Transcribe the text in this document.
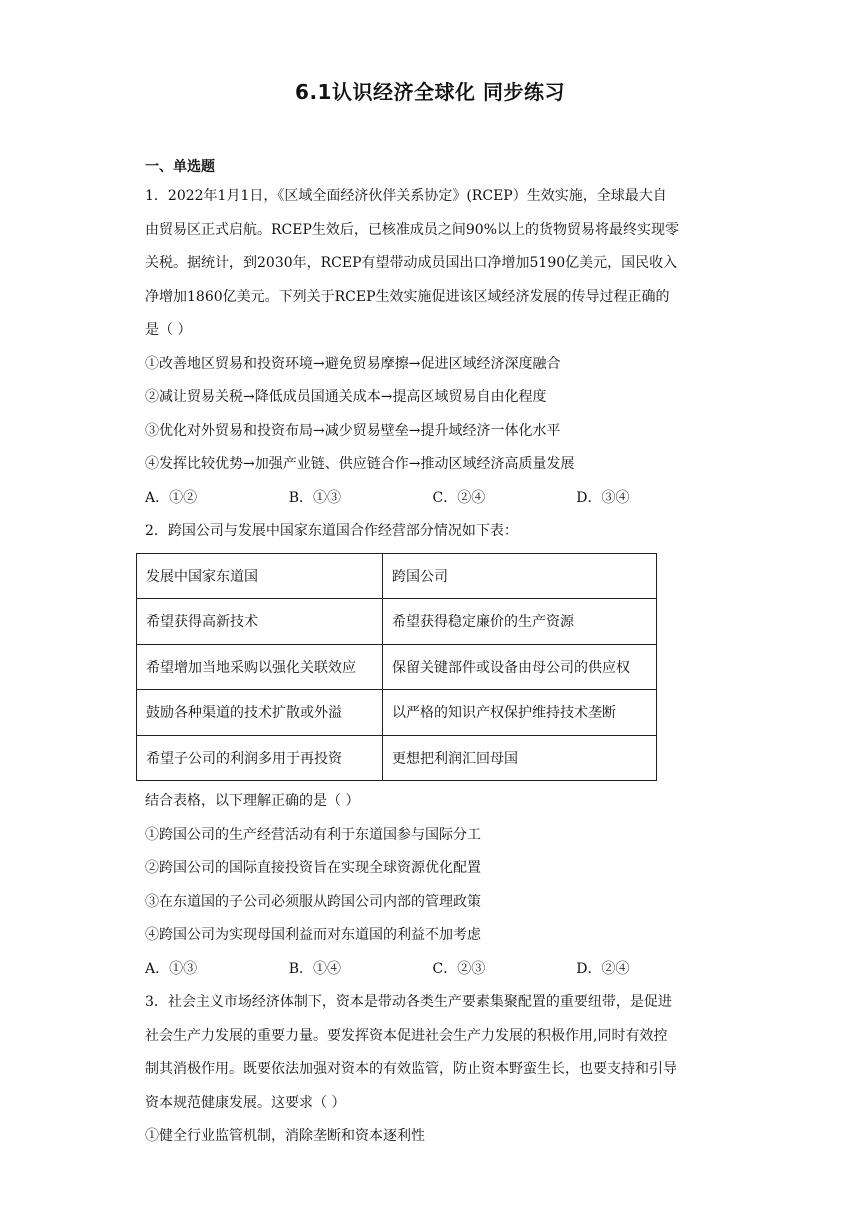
6.1认识经济全球化 同步练习
一、单选题
1．2022年1月1日，《区域全面经济伙伴关系协定》(RCEP）生效实施，全球最大自
由贸易区正式启航。RCEP生效后，已核准成员之间90%以上的货物贸易将最终实现零
关税。据统计，到2030年，RCEP有望带动成员国出口净增加5190亿美元，国民收入
净增加1860亿美元。下列关于RCEP生效实施促进该区域经济发展的传导过程正确的
是（ ）
①改善地区贸易和投资环境→避免贸易摩擦→促进区域经济深度融合
②减让贸易关税→降低成员国通关成本→提高区域贸易自由化程度
③优化对外贸易和投资布局→减少贸易壁垒→提升域经济一体化水平
④发挥比较优势→加强产业链、供应链合作→推动区域经济高质量发展
A．①②	B．①③	C．②④	D．③④
2．跨国公司与发展中国家东道国合作经营部分情况如下表：
发展中国家东道国	跨国公司
希望获得高新技术	希望获得稳定廉价的生产资源
希望增加当地采购以强化关联效应	保留关键部件或设备由母公司的供应权
鼓励各种渠道的技术扩散或外溢	以严格的知识产权保护维持技术垄断
希望子公司的利润多用于再投资	更想把利润汇回母国
结合表格，以下理解正确的是（ ）
①跨国公司的生产经营活动有利于东道国参与国际分工
②跨国公司的国际直接投资旨在实现全球资源优化配置
③在东道国的子公司必须服从跨国公司内部的管理政策
④跨国公司为实现母国利益而对东道国的利益不加考虑
A．①③	B．①④	C．②③	D．②④
3．社会主义市场经济体制下，资本是带动各类生产要素集聚配置的重要纽带，是促进
社会生产力发展的重要力量。要发挥资本促进社会生产力发展的积极作用,同时有效控
制其消极作用。既要依法加强对资本的有效监管，防止资本野蛮生长，也要支持和引导
资本规范健康发展。这要求（ ）
①健全行业监管机制，消除垄断和资本逐利性
